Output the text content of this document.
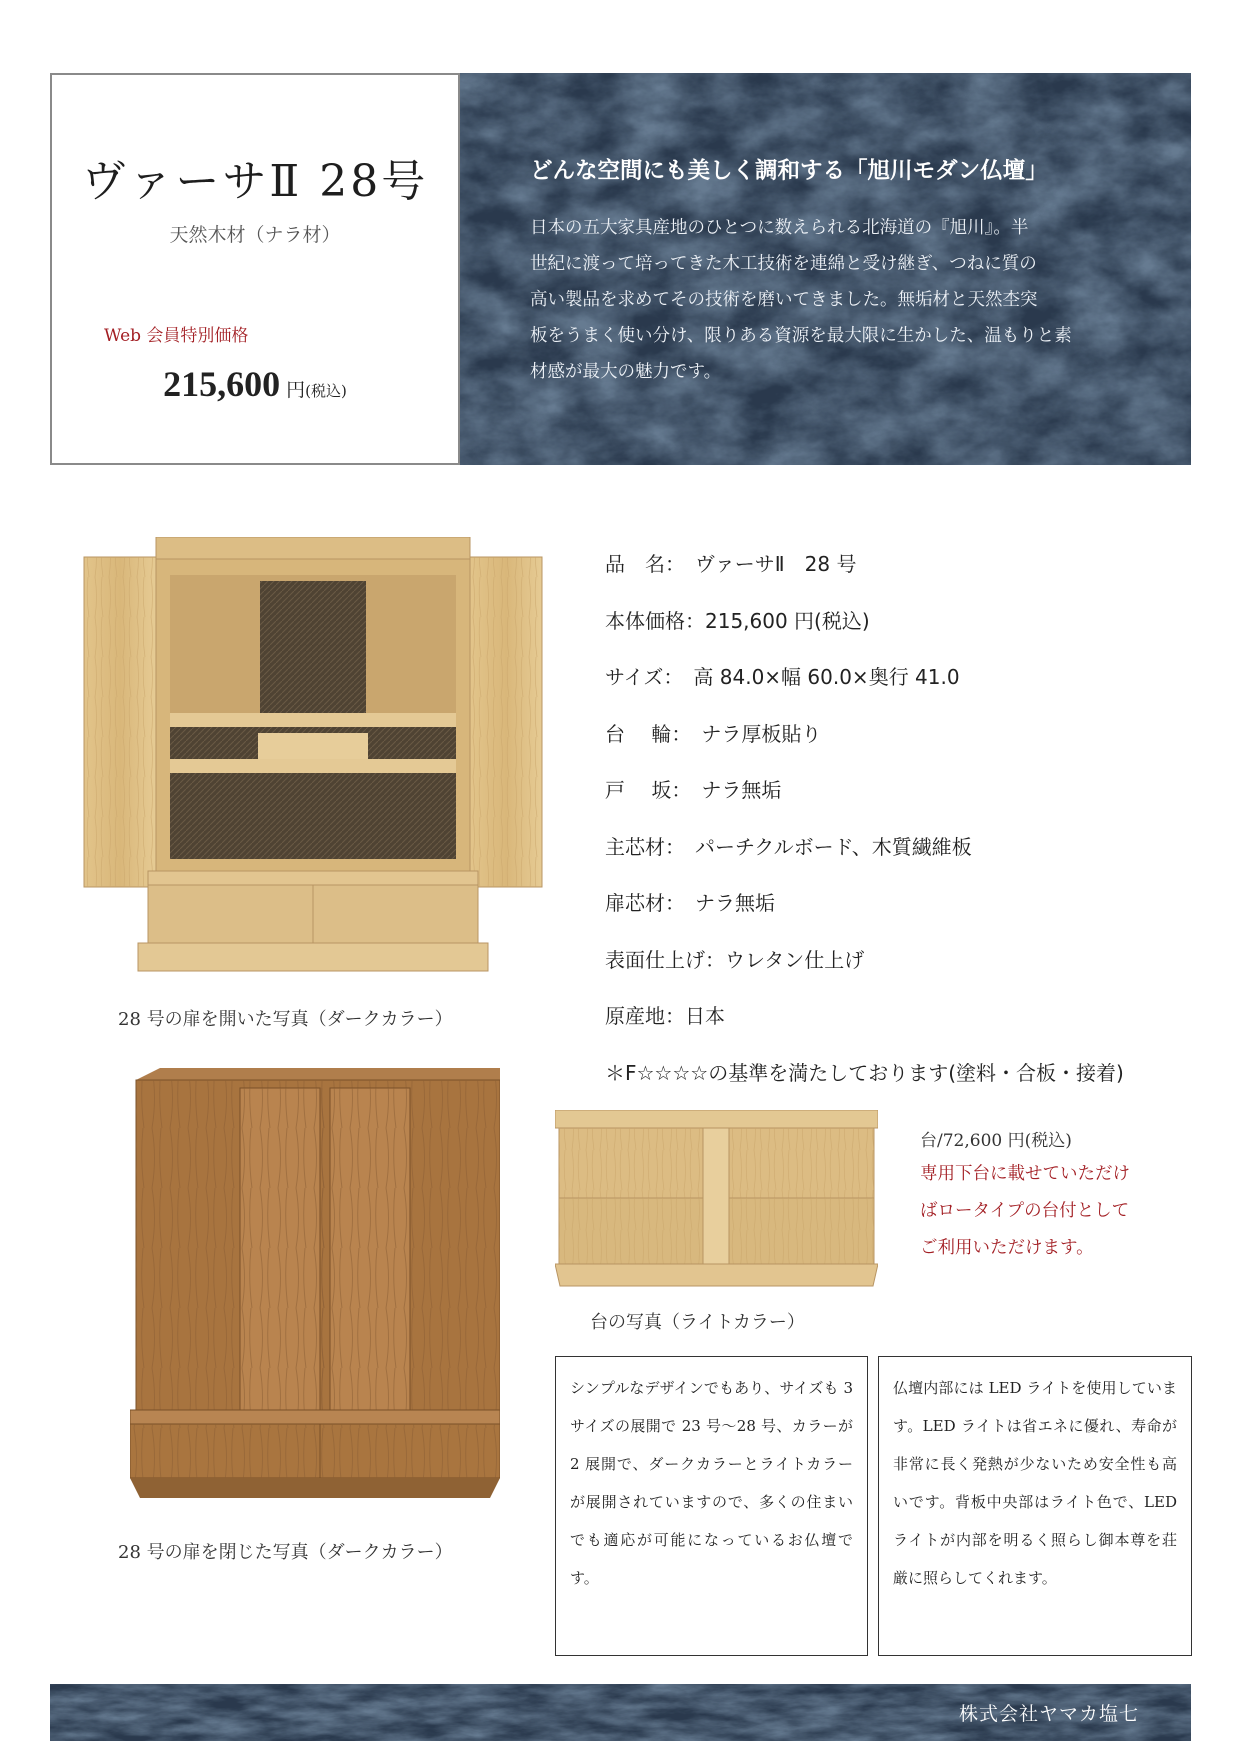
ヴァーサⅡ 28号
天然木材（ナラ材）
Web 会員特別価格
215,600 円(税込)
どんな空間にも美しく調和する「旭川モダン仏壇」
日本の五大家具産地のひとつに数えられる北海道の『旭川』。半
世紀に渡って培ってきた木工技術を連綿と受け継ぎ、つねに質の
高い製品を求めてその技術を磨いてきました。無垢材と天然杢突
板をうまく使い分け、限りある資源を最大限に生かした、温もりと素
材感が最大の魅力です。
28 号の扉を開いた写真（ダークカラー）
28 号の扉を閉じた写真（ダークカラー）
品　名：　ヴァーサⅡ　28 号
本体価格：215,600 円(税込)
サイズ：　高 84.0×幅 60.0×奥行 41.0
台　 輪：　ナラ厚板貼り
戸　 坂：　ナラ無垢
主芯材：　パーチクルボード、木質繊維板
扉芯材：　ナラ無垢
表面仕上げ：ウレタン仕上げ
原産地：日本
＊F☆☆☆☆の基準を満たしております(塗料・合板・接着)
台の写真（ライトカラー）
台/72,600 円(税込)
専用下台に載せていただけ
ばロータイプの台付として
ご利用いただけます。
シンプルなデザインでもあり、サイズも 3 サイズの展開で 23 号〜28 号、カラーが 2 展開で、ダークカラーとライトカラーが展開されていますので、多くの住まいでも適応が可能になっているお仏壇です。
仏壇内部には LED ライトを使用しています。LED ライトは省エネに優れ、寿命が非常に長く発熱が少ないため安全性も高いです。背板中央部はライト色で、LED ライトが内部を明るく照らし御本尊を荘厳に照らしてくれます。
株式会社ヤマカ塩七
